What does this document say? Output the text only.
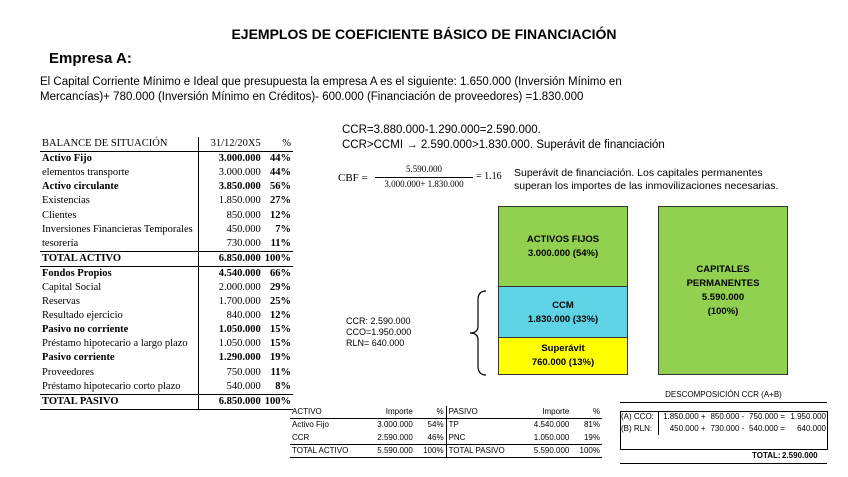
EJEMPLOS DE COEFICIENTE BÁSICO DE FINANCIACIÓN
Empresa A:
El Capital Corriente Mínimo e Ideal que presupuesta la empresa A es el siguiente: 1.650.000 (Inversión Mínimo en Mercancías)+ 780.000 (Inversión Mínimo en Créditos)- 600.000 (Financiación de proveedores) =1.830.000
CCR=3.880.000-1.290.000=2.590.000.
CCR>CCMI → 2.590.000>1.830.000. Superávit de financiación
BALANCE DE SITUACIÓN	31/12/20X5	%
Activo Fijo	3.000.000	44%
elementos transporte	3.000.000	44%
Activo circulante	3.850.000	56%
Existencias	1.850.000	27%
Clientes	850.000	12%
Inversiones Financieras Temporales	450.000	7%
tesorería	730.000	11%
TOTAL ACTIVO	6.850.000	100%
Fondos Propios	4.540.000	66%
Capital Social	2.000.000	29%
Reservas	1.700.000	25%
Resultado ejercicio	840.000	12%
Pasivo no corriente	1.050.000	15%
Préstamo hipotecario a largo plazo	1.050.000	15%
Pasivo corriente	1.290.000	19%
Proveedores	750.000	11%
Préstamo hipotecario corto plazo	540.000	8%
TOTAL PASIVO	6.850.000	100%
CBF =
5.590.000
3.000.000+ 1.830.000
= 1.16 Superávit de financiación. Los capitales permanentes superan los importes de las inmovilizaciones necesarias.
ACTIVOS FIJOS
3.000.000 (54%)
CCM
1.830.000 (33%)
Superávit
760.000 (13%)
CAPITALES PERMANENTES
5.590.000
(100%)
CCR: 2.590.000
CCO=1.950.000
RLN= 640.000
ACTIVO	Importe	%	PASIVO	Importe	%
Activo Fijo	3.000.000	54%	TP	4.540.000	81%
CCR	2.590.000	46%	PNC	1.050.000	19%
TOTAL ACTIVO	5.590.000	100%	TOTAL PASIVO	5.590.000	100%
DESCOMPOSICIÓN CCR (A+B)
(A) CCO:	1.850.000	+	850.000	-	750.000	=	1.950.000
(B) RLN:	450.000	+	730.000	-	540.000	=	640.000
TOTAL: 2.590.000
